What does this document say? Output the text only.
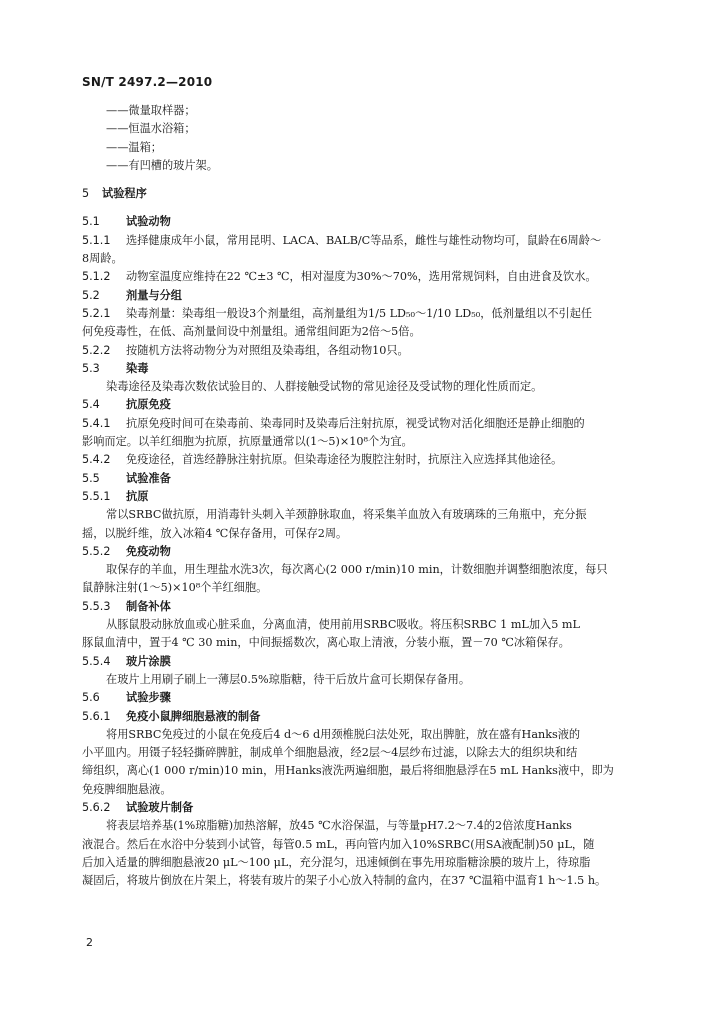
SN/T 2497.2—2010
——微量取样器；
——恒温水浴箱；
——温箱；
——有凹槽的玻片架。
5 试验程序
5.1 试验动物
5.1.1 选择健康成年小鼠，常用昆明、LACA、BALB/C等品系，雌性与雄性动物均可，鼠龄在6周龄～
8周龄。
5.1.2 动物室温度应维持在22 ℃±3 ℃，相对湿度为30%～70%，选用常规饲料，自由进食及饮水。
5.2 剂量与分组
5.2.1 染毒剂量：染毒组一般设3个剂量组，高剂量组为1/5 LD₅₀～1/10 LD₅₀，低剂量组以不引起任
何免疫毒性，在低、高剂量间设中剂量组。通常组间距为2倍～5倍。
5.2.2 按随机方法将动物分为对照组及染毒组，各组动物10只。
5.3 染毒
染毒途径及染毒次数依试验目的、人群接触受试物的常见途径及受试物的理化性质而定。
5.4 抗原免疫
5.4.1 抗原免疫时间可在染毒前、染毒同时及染毒后注射抗原，视受试物对活化细胞还是静止细胞的
影响而定。以羊红细胞为抗原，抗原量通常以(1～5)×10⁸个为宜。
5.4.2 免疫途径，首选经静脉注射抗原。但染毒途径为腹腔注射时，抗原注入应选择其他途径。
5.5 试验准备
5.5.1 抗原
常以SRBC做抗原，用消毒针头刺入羊颈静脉取血，将采集羊血放入有玻璃珠的三角瓶中，充分振
摇，以脱纤维，放入冰箱4 ℃保存备用，可保存2周。
5.5.2 免疫动物
取保存的羊血，用生理盐水洗3次，每次离心(2 000 r/min)10 min，计数细胞并调整细胞浓度，每只
鼠静脉注射(1～5)×10⁸个羊红细胞。
5.5.3 制备补体
从豚鼠股动脉放血或心脏采血，分离血清，使用前用SRBC吸收。将压积SRBC 1 mL加入5 mL
豚鼠血清中，置于4 ℃ 30 min，中间振摇数次，离心取上清液，分装小瓶，置－70 ℃冰箱保存。
5.5.4 玻片涂膜
在玻片上用刷子刷上一薄层0.5%琼脂糖，待干后放片盒可长期保存备用。
5.6 试验步骤
5.6.1 免疫小鼠脾细胞悬液的制备
将用SRBC免疫过的小鼠在免疫后4 d～6 d用颈椎脱臼法处死，取出脾脏，放在盛有Hanks液的
小平皿内。用镊子轻轻撕碎脾脏，制成单个细胞悬液，经2层～4层纱布过滤，以除去大的组织块和结
缔组织，离心(1 000 r/min)10 min，用Hanks液洗两遍细胞，最后将细胞悬浮在5 mL Hanks液中，即为
免疫脾细胞悬液。
5.6.2 试验玻片制备
将表层培养基(1%琼脂糖)加热溶解，放45 ℃水浴保温，与等量pH7.2～7.4的2倍浓度Hanks
液混合。然后在水浴中分装到小试管，每管0.5 mL，再向管内加入10%SRBC(用SA液配制)50 μL，随
后加入适量的脾细胞悬液20 μL～100 μL，充分混匀，迅速倾倒在事先用琼脂糖涂膜的玻片上，待琼脂
凝固后，将玻片倒放在片架上，将装有玻片的架子小心放入特制的盒内，在37 ℃温箱中温育1 h～1.5 h。
2
